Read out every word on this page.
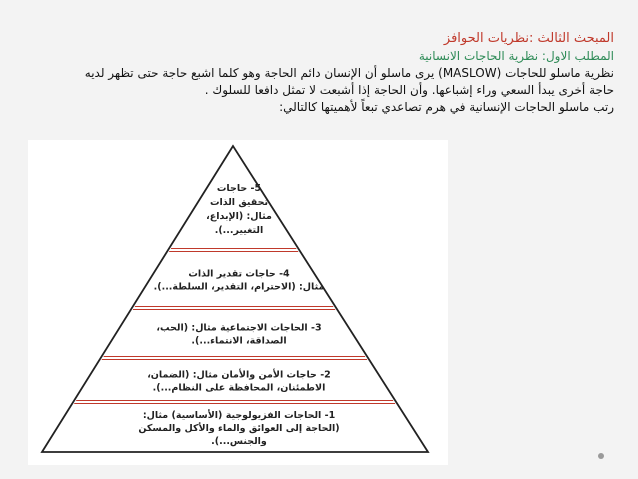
المبحث الثالث :نظريات الحوافز
المطلب الاول: نظرية الحاجات الانسانية

نظرية ماسلو للحاجات (MASLOW) يرى ماسلو أن الإنسان دائم الحاجة وهو كلما اشبع حاجة حتى تظهر لديه

حاجة أخرى يبدأ السعي وراء إشباعها. وأن الحاجة إذا أشبعت لا تمثل دافعا للسلوك .

رتب ماسلو الحاجات الإنسانية في هرم تصاعدي تبعاً لأهميتها كالتالي:

5- حاجات
تحقيق الذات
مثال: (الإبداع،
التغيير...).
4- حاجات تقدير الذات
مثال: (الاحترام، التقدير، السلطة...).
3- الحاجات الاجتماعية مثال: (الحب،
الصداقة، الانتماء...).
2- حاجات الأمن والأمان مثال: (الضمان،
الاطمئنان، المحافظة على النظام...).
1- الحاجات الفزيولوجية (الأساسية) مثال:
(الحاجة إلى العوائق والماء والأكل والمسكن
والجنس...).
